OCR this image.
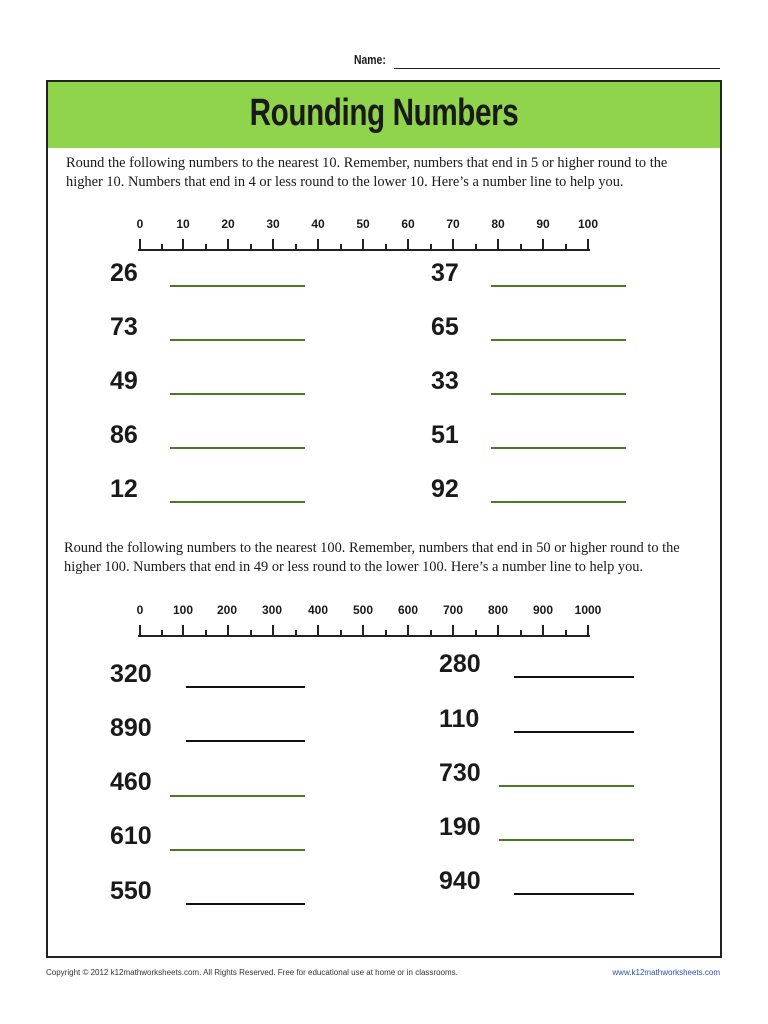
Name:
Rounding Numbers
Round the following numbers to the nearest 10. Remember, numbers that end in 5 or higher round to the higher 10. Numbers that end in 4 or less round to the lower 10. Here’s a number line to help you.
0	10	20	30	40	50	60	70	80	90 100
26
73
49
86
12
37
65
33
51
92
Round the following numbers to the nearest 100. Remember, numbers that end in 50 or higher round to the higher 100. Numbers that end in 49 or less round to the lower 100. Here’s a number line to help you.
0 100 200 300 400 500 600 700 800 900 1000
320
890
460
610
550
280
110
730
190
940
Copyright © 2012 k12mathworksheets.com. All Rights Reserved. Free for educational use at home or in classrooms.	www.k12mathworksheets.com
